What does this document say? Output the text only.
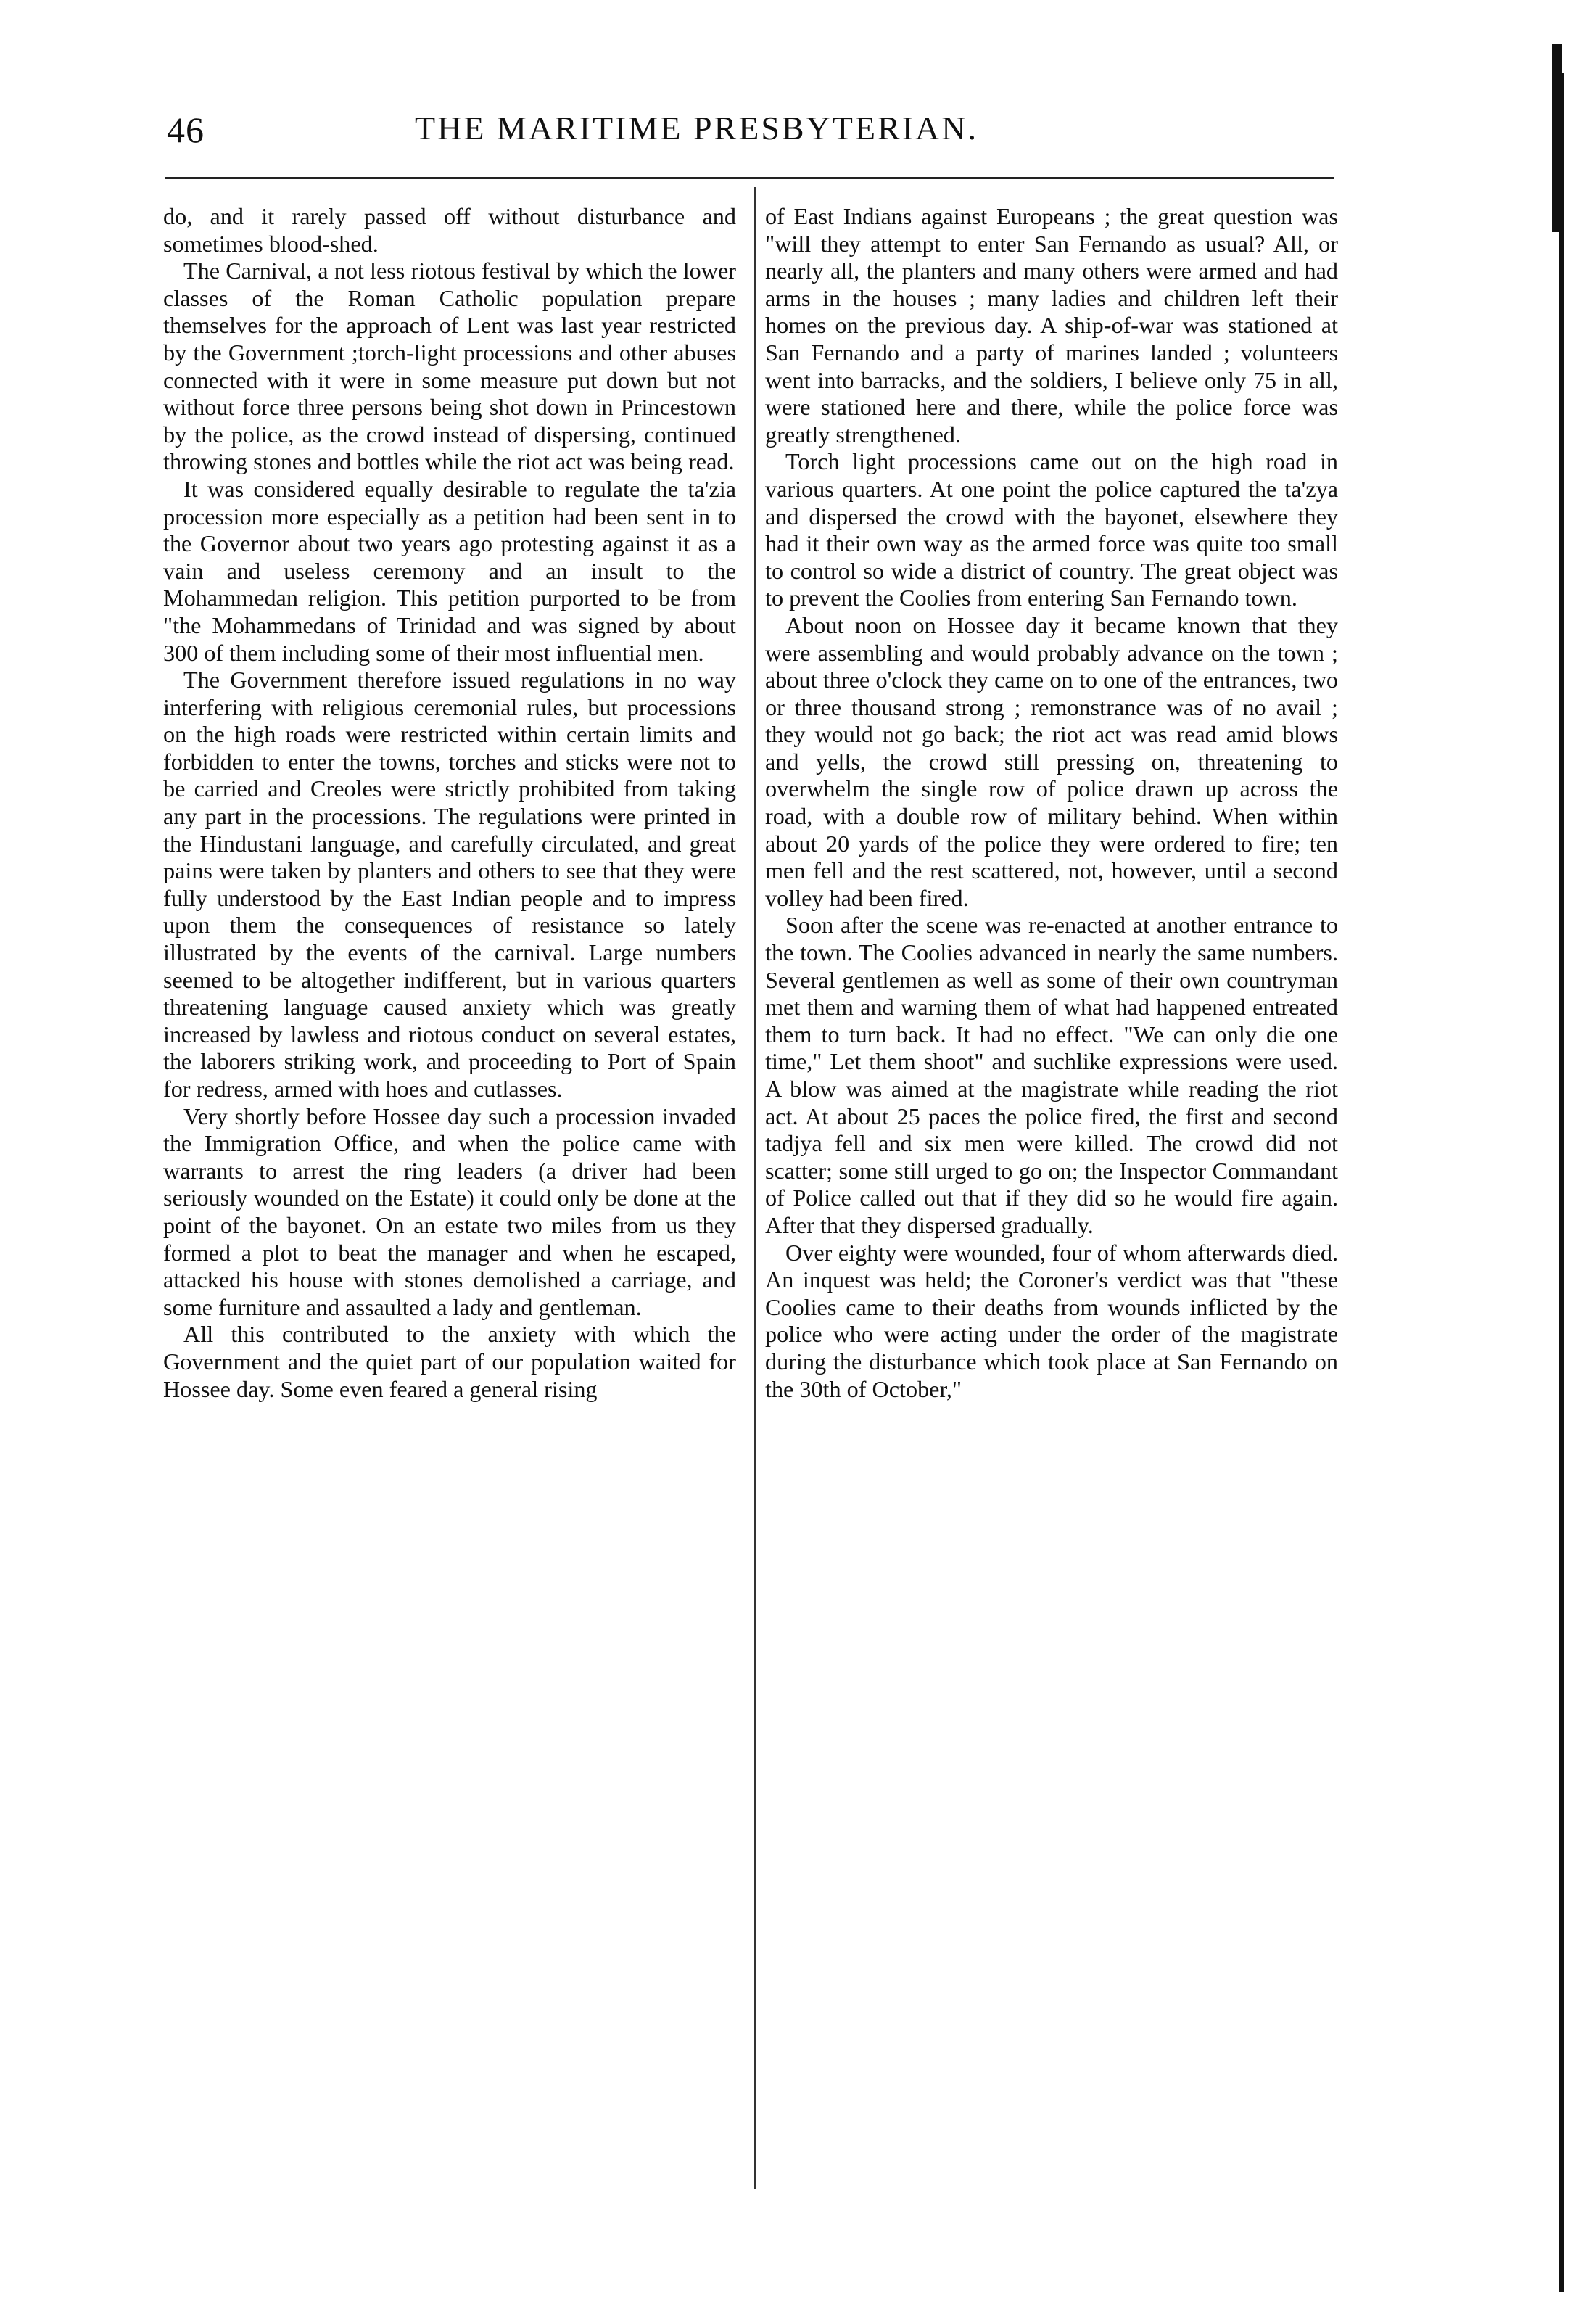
46	THE MARITIME PRESBYTERIAN.

do, and it rarely passed off without disturbance and sometimes blood-shed.

The Carnival, a not less riotous festival by which the lower classes of the Roman Catholic population prepare themselves for the approach of Lent was last year restricted by the Government ;torch-light processions and other abuses connected with it were in some measure put down but not without force three persons being shot down in Princestown by the police, as the crowd instead of dispersing, continued throwing stones and bottles while the riot act was being read.

It was considered equally desirable to regulate the ta'zia procession more especially as a petition had been sent in to the Governor about two years ago protesting against it as a vain and useless ceremony and an insult to the Mohammedan religion. This petition purported to be from "the Mohammedans of Trinidad and was signed by about 300 of them including some of their most influential men.

The Government therefore issued regulations in no way interfering with religious ceremonial rules, but processions on the high roads were restricted within certain limits and forbidden to enter the towns, torches and sticks were not to be carried and Creoles were strictly prohibited from taking any part in the processions. The regulations were printed in the Hindustani language, and carefully circulated, and great pains were taken by planters and others to see that they were fully understood by the East Indian people and to impress upon them the consequences of resistance so lately illustrated by the events of the carnival. Large numbers seemed to be altogether indifferent, but in various quarters threatening language caused anxiety which was greatly increased by lawless and riotous conduct on several estates, the laborers striking work, and proceeding to Port of Spain for redress, armed with hoes and cutlasses.

Very shortly before Hossee day such a procession invaded the Immigration Office, and when the police came with warrants to arrest the ring leaders (a driver had been seriously wounded on the Estate) it could only be done at the point of the bayonet. On an estate two miles from us they formed a plot to beat the manager and when he escaped, attacked his house with stones demolished a carriage, and some furniture and assaulted a lady and gentleman.

All this contributed to the anxiety with which the Government and the quiet part of our population waited for Hossee day. Some even feared a general rising

of East Indians against Europeans ; the great question was "will they attempt to enter San Fernando as usual? All, or nearly all, the planters and many others were armed and had arms in the houses ; many ladies and children left their homes on the previous day. A ship-of-war was stationed at San Fernando and a party of marines landed ; volunteers went into barracks, and the soldiers, I believe only 75 in all, were stationed here and there, while the police force was greatly strengthened.

Torch light processions came out on the high road in various quarters. At one point the police captured the ta'zya and dispersed the crowd with the bayonet, elsewhere they had it their own way as the armed force was quite too small to control so wide a district of country. The great object was to prevent the Coolies from entering San Fernando town.

About noon on Hossee day it became known that they were assembling and would probably advance on the town ; about three o'clock they came on to one of the entrances, two or three thousand strong ; remonstrance was of no avail ; they would not go back; the riot act was read amid blows and yells, the crowd still pressing on, threatening to overwhelm the single row of police drawn up across the road, with a double row of military behind. When within about 20 yards of the police they were ordered to fire; ten men fell and the rest scattered, not, however, until a second volley had been fired.

Soon after the scene was re-enacted at another entrance to the town. The Coolies advanced in nearly the same numbers. Several gentlemen as well as some of their own countryman met them and warning them of what had happened entreated them to turn back. It had no effect. "We can only die one time," Let them shoot" and suchlike expressions were used. A blow was aimed at the magistrate while reading the riot act. At about 25 paces the police fired, the first and second tadjya fell and six men were killed. The crowd did not scatter; some still urged to go on; the Inspector Commandant of Police called out that if they did so he would fire again. After that they dispersed gradually.

Over eighty were wounded, four of whom afterwards died. An inquest was held; the Coroner's verdict was that "these Coolies came to their deaths from wounds inflicted by the police who were acting under the order of the magistrate during the disturbance which took place at San Fernando on the 30th of October,"
